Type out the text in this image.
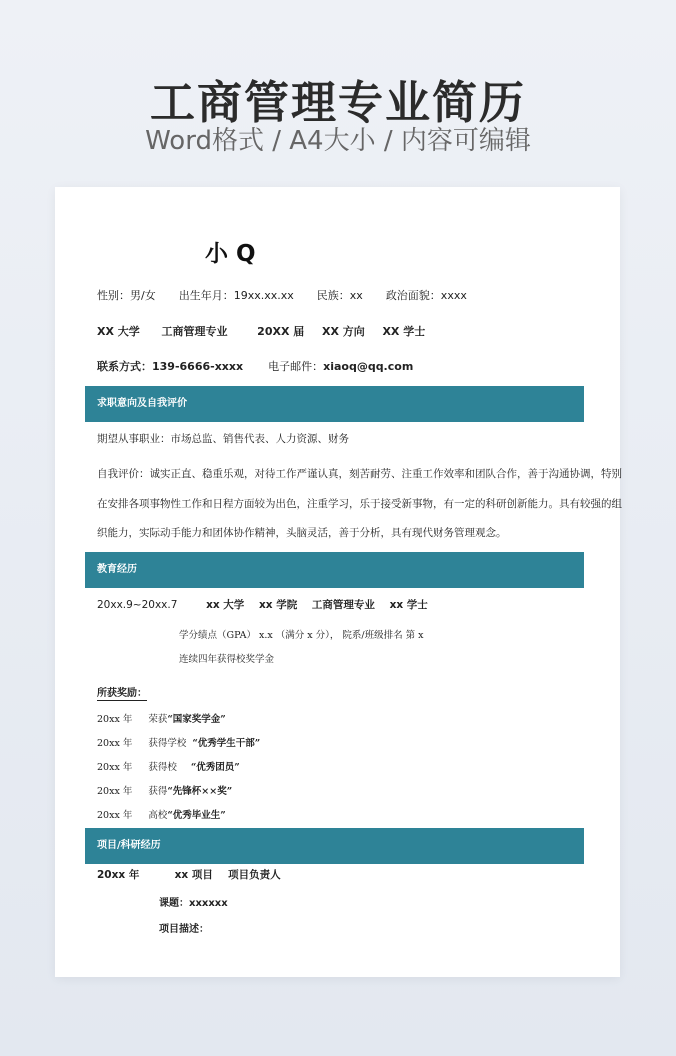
工商管理专业简历
Word格式 / A4大小 / 内容可编辑
小 Q
性别：男/女 出生年月：19xx.xx.xx 民族：xx 政治面貌：xxxx
XX 大学 工商管理专业	20XX 届 XX 方向 XX 学士
联系方式：139-6666-xxxx 电子邮件：xiaoq@qq.com
求职意向及自我评价
期望从事职业：市场总监、销售代表、人力资源、财务
自我评价：诚实正直、稳重乐观，对待工作严谨认真，刻苦耐劳、注重工作效率和团队合作，善于沟通协调，特别
在安排各项事物性工作和日程方面较为出色，注重学习，乐于接受新事物，有一定的科研创新能力。具有较强的组
织能力，实际动手能力和团体协作精神，头脑灵活，善于分析，具有现代财务管理观念。
教育经历
20xx.9~20xx.7	xx 大学 xx 学院 工商管理专业 xx 学士
学分绩点（GPA） x.x （满分 x 分）， 院系/班级排名 第 x
连续四年获得校奖学金
所获奖励：
20xx 年 荣获“国家奖学金”
20xx 年 获得学校 “优秀学生干部”
20xx 年 获得校 “优秀团员”
20xx 年 获得“先锋杯××奖”
20xx 年 高校“优秀毕业生”
项目/科研经历
20xx 年	xx 项目 项目负责人
课题：xxxxxx
项目描述：
